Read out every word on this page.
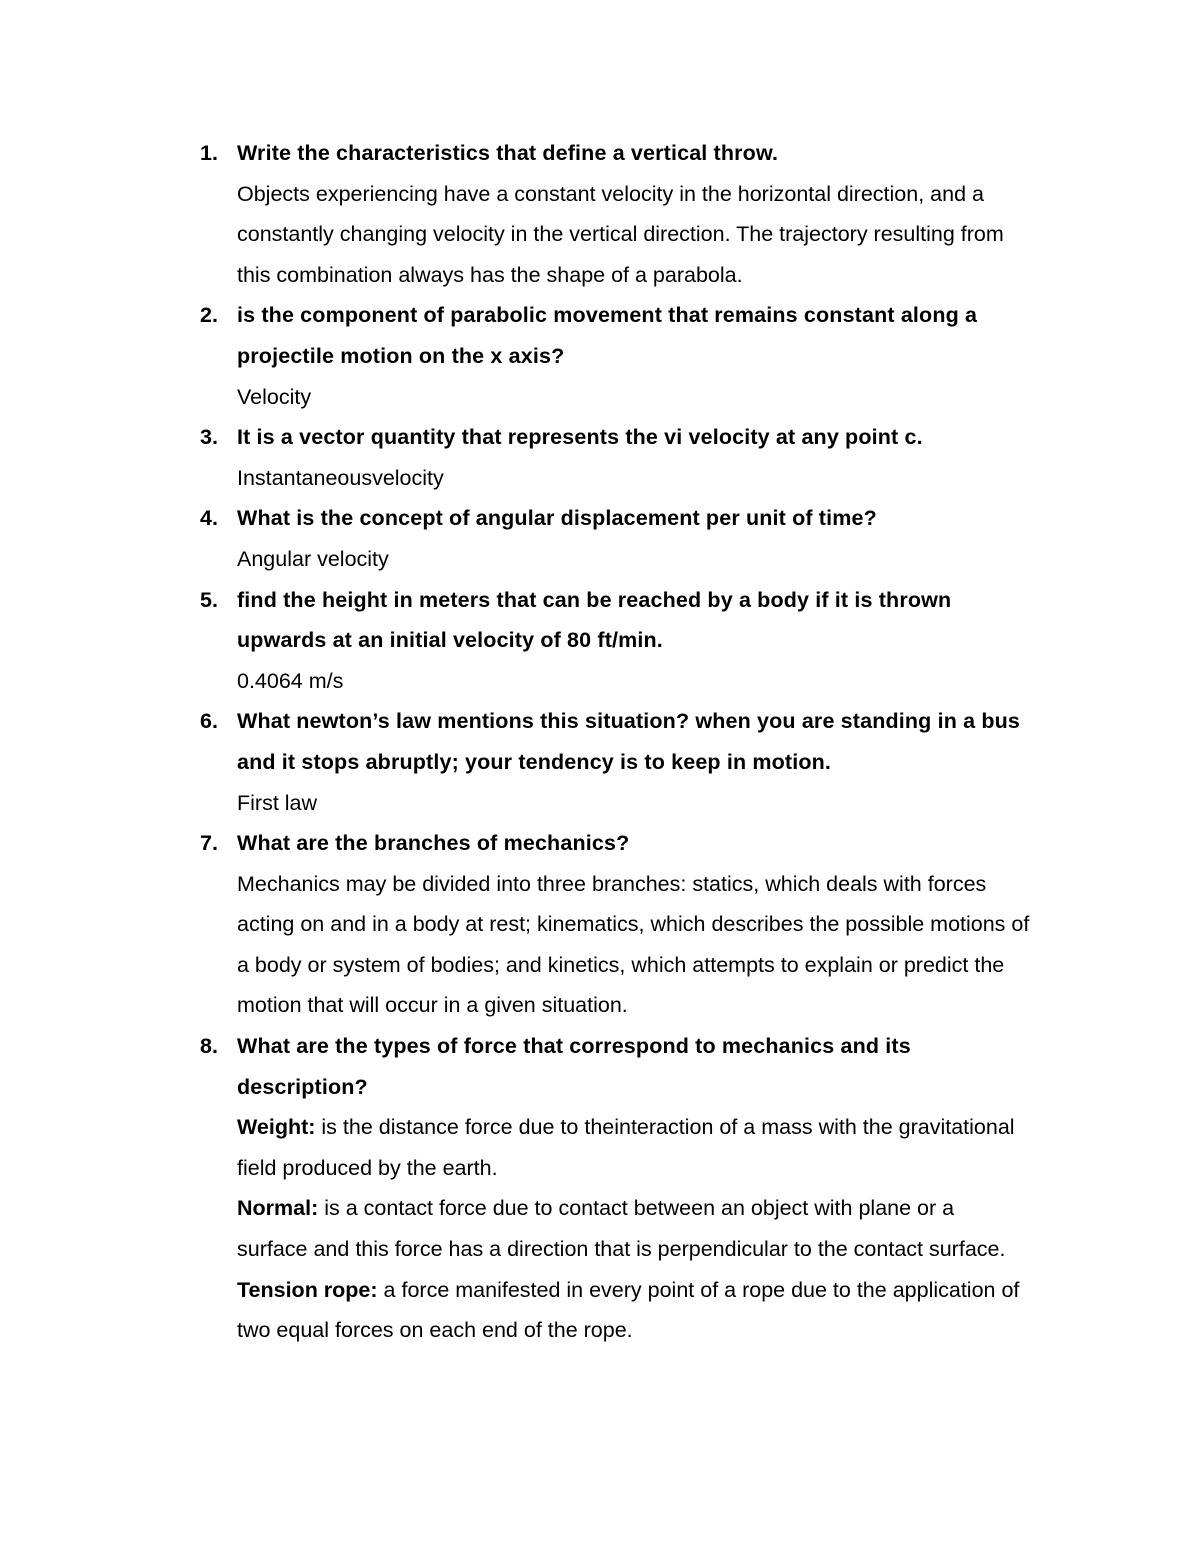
1. Write the characteristics that define a vertical throw.
Objects experiencing have a constant velocity in the horizontal direction, and a constantly changing velocity in the vertical direction. The trajectory resulting from this combination always has the shape of a parabola.
2. is the component of parabolic movement that remains constant along a projectile motion on the x axis?
Velocity
3. It is a vector quantity that represents the vi velocity at any point c.
Instantaneousvelocity
4. What is the concept of angular displacement per unit of time?
Angular velocity
5. find the height in meters that can be reached by a body if it is thrown upwards at an initial velocity of 80 ft/min.
0.4064 m/s
6. What newton’s law mentions this situation? when you are standing in a bus and it stops abruptly; your tendency is to keep in motion.
First law
7. What are the branches of mechanics?
Mechanics may be divided into three branches: statics, which deals with forces acting on and in a body at rest; kinematics, which describes the possible motions of a body or system of bodies; and kinetics, which attempts to explain or predict the motion that will occur in a given situation.
8. What are the types of force that correspond to mechanics and its description?
Weight: is the distance force due to theinteraction of a mass with the gravitational field produced by the earth.
Normal: is a contact force due to contact between an object with plane or a surface and this force has a direction that is perpendicular to the contact surface.
Tension rope: a force manifested in every point of a rope due to the application of two equal forces on each end of the rope.
